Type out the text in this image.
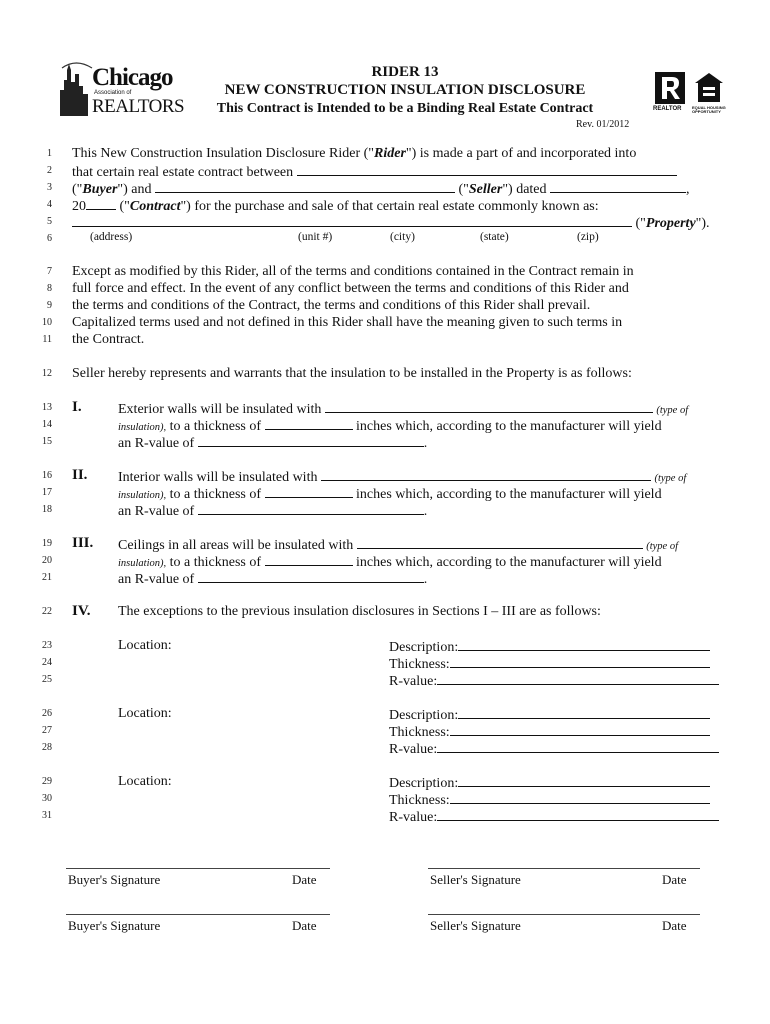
Chicago
Association of
REALTORS
RIDER 13
NEW CONSTRUCTION INSULATION DISCLOSURE
This Contract is Intended to be a Binding Real Estate Contract
Rev. 01/2012
REALTOR	EQUAL HOUSING OPPORTUNITY
1
2
3
4
5
6
7
8
9
10
11
12
13
14
15
16
17
18
19
20
21
22
23
24
25
26
27
28
29
30
31
This New Construction Insulation Disclosure Rider ("Rider") is made a part of and incorporated into
that certain real estate contract between
("Buyer") and	("Seller") dated	,
20 ("Contract") for the purchase and sale of that certain real estate commonly known as:
("Property").
(address)	(unit #)	(city)	(state)	(zip)
Except as modified by this Rider, all of the terms and conditions contained in the Contract remain in
full force and effect. In the event of any conflict between the terms and conditions of this Rider and
the terms and conditions of the Contract, the terms and conditions of this Rider shall prevail.
Capitalized terms used and not defined in this Rider shall have the meaning given to such terms in
the Contract.
Seller hereby represents and warrants that the insulation to be installed in the Property is as follows:
I.	Exterior walls will be insulated with	(type of
insulation), to a thickness of	inches which, according to the manufacturer will yield
an R-value of	.
II. Interior walls will be insulated with	(type of
insulation), to a thickness of	inches which, according to the manufacturer will yield
an R-value of	.
III. Ceilings in all areas will be insulated with	(type of
insulation), to a thickness of	inches which, according to the manufacturer will yield
an R-value of	.
IV. The exceptions to the previous insulation disclosures in Sections I – III are as follows:
Location:	Description:
Thickness:
R-value:
Location:	Description:
Thickness:
R-value:
Location:	Description:
Thickness:
R-value:
Buyer's Signature	Date	Seller's Signature	Date
Buyer's Signature	Date	Seller's Signature	Date
